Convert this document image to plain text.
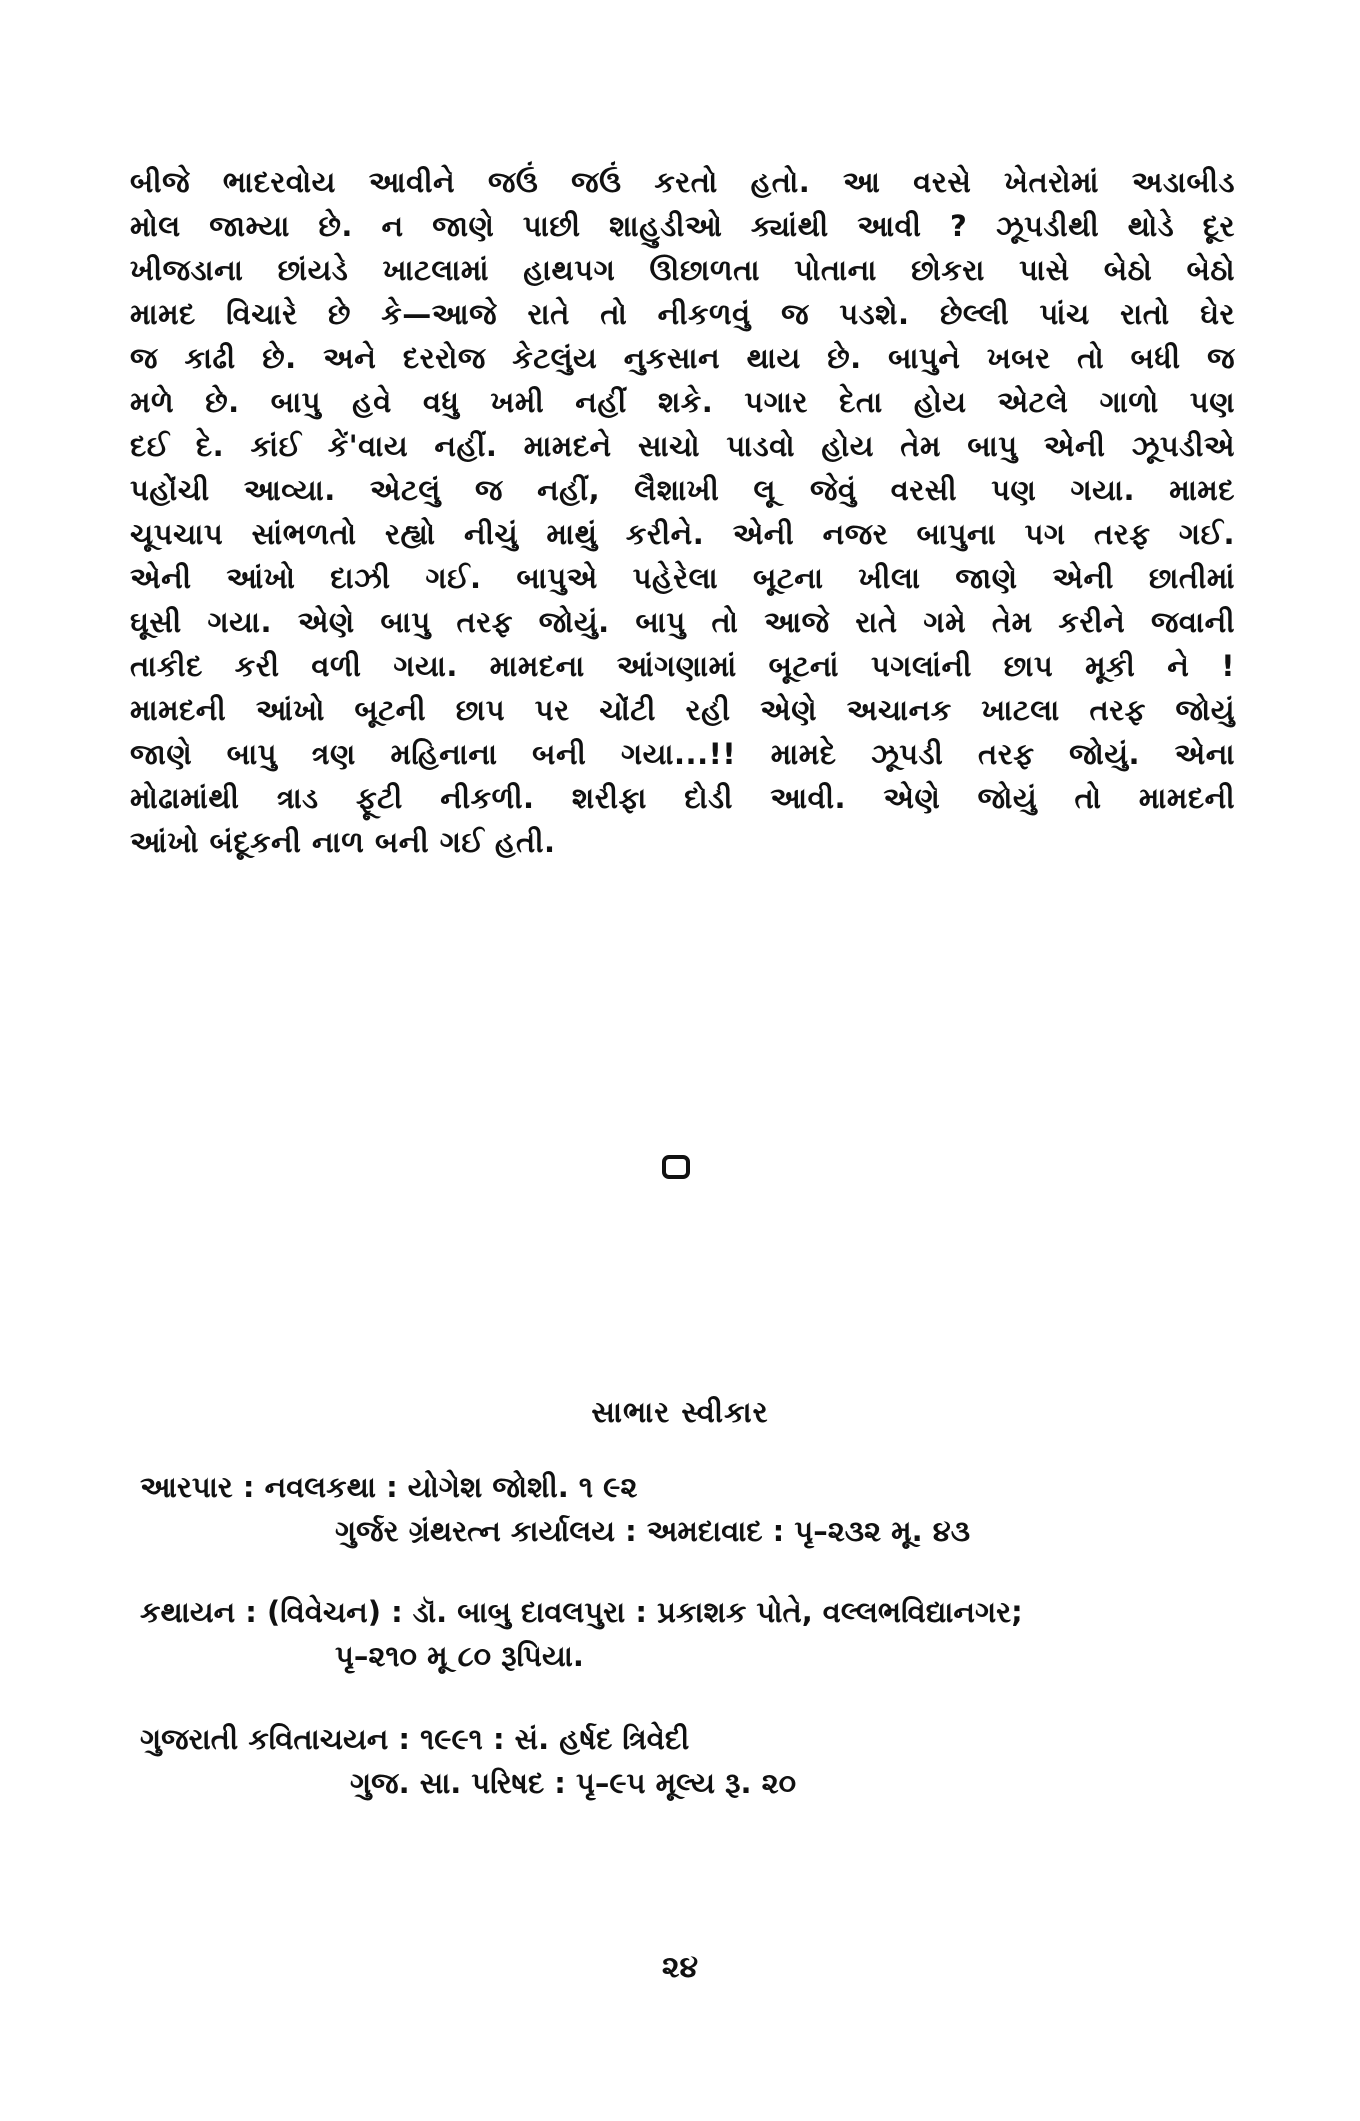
બીજે ભાદરવોય આવીને જઉં જઉં કરતો હતો. આ વરસે ખેતરોમાં અડાબીડ
મોલ જામ્યા છે. ન જાણે પાછી શાહુડીઓ ક્યાંથી આવી ? ઝૂપડીથી થોડે દૂર
ખીજડાના છાંયડે ખાટલામાં હાથપગ ઊછાળતા પોતાના છોકરા પાસે બેઠો બેઠો
મામદ વિચારે છે કે—આજે રાતે તો નીકળવું જ પડશે. છેલ્લી પાંચ રાતો ઘેર
જ કાઢી છે. અને દરરોજ કેટલુંય નુકસાન થાય છે. બાપુને ખબર તો બધી જ
મળે છે. બાપુ હવે વધુ ખમી નહીં શકે. પગાર દેતા હોય એટલે ગાળો પણ
દઈ દે. કાંઈ કેં'વાય નહીં. મામદને સાચો પાડવો હોય તેમ બાપુ એની ઝૂપડીએ
પહોંચી આવ્યા. એટલું જ નહીં, લૈશાખી લૂ જેવું વરસી પણ ગયા. મામદ
ચૂપચાપ સાંભળતો રહ્યો નીચું માથું કરીને. એની નજર બાપુના પગ તરફ ગઈ.
એની આંખો દાઝી ગઈ. બાપુએ પહેરેલા બૂટના ખીલા જાણે એની છાતીમાં
ઘૂસી ગયા. એણે બાપુ તરફ જોયું. બાપુ તો આજે રાતે ગમે તેમ કરીને જવાની
તાકીદ કરી વળી ગયા. મામદના આંગણામાં બૂટનાં પગલાંની છાપ મૂકી ને !
મામદની આંખો બૂટની છાપ પર ચોંટી રહી એણે અચાનક ખાટલા તરફ જોયું
જાણે બાપુ ત્રણ મહિનાના બની ગયા...!! મામદે ઝૂપડી તરફ જોયું. એના
મોઢામાંથી ત્રાડ ફૂટી નીકળી. શરીફા દોડી આવી. એણે જોયું તો મામદની
આંખો બંદૂકની નાળ બની ગઈ હતી.
સાભાર સ્વીકાર
આરપાર : નવલકથા : યોગેશ જોશી. ૧ ૯૨
ગુર્જર ગ્રંથરત્ન કાર્યાલય : અમદાવાદ : પૃ–૨૩૨ મૂ. ૪૩
કથાયન : (વિવેચન) : ડૉ. બાબુ દાવલપુરા : પ્રકાશક પોતે, વલ્લભવિદ્યાનગર;
પૃ–૨૧૦ મૂ ૮૦ રૂપિયા.
ગુજરાતી કવિતાચયન : ૧૯૯૧ : સં. હર્ષદ ત્રિવેદી
ગુજ. સા. પરિષદ : પૃ–૯૫ મૂલ્ય રૂ. ૨૦
૨૪
